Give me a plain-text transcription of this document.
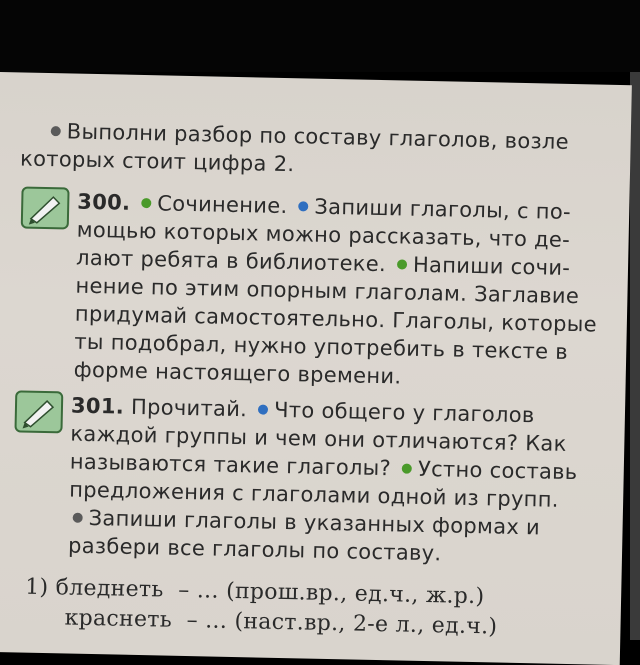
Выполни разбор по составу глаголов, возле
которых стоит цифра 2.
300. Сочинение. Запиши глаголы, с по-
мощью которых можно рассказать, что де-
лают ребята в библиотеке. Напиши сочи-
нение по этим опорным глаголам. Заглавие
придумай самостоятельно. Глаголы, которые
ты подобрал, нужно употребить в тексте в
форме настоящего времени.
301. Прочитай. Что общего у глаголов
каждой группы и чем они отличаются? Как
называются такие глаголы? Устно составь
предложения с глаголами одной из групп.
Запиши глаголы в указанных формах и
разбери все глаголы по составу.
1) бледнеть – ... (прош.вр., ед.ч., ж.р.)
краснеть – ... (наст.вр., 2-е л., ед.ч.)
